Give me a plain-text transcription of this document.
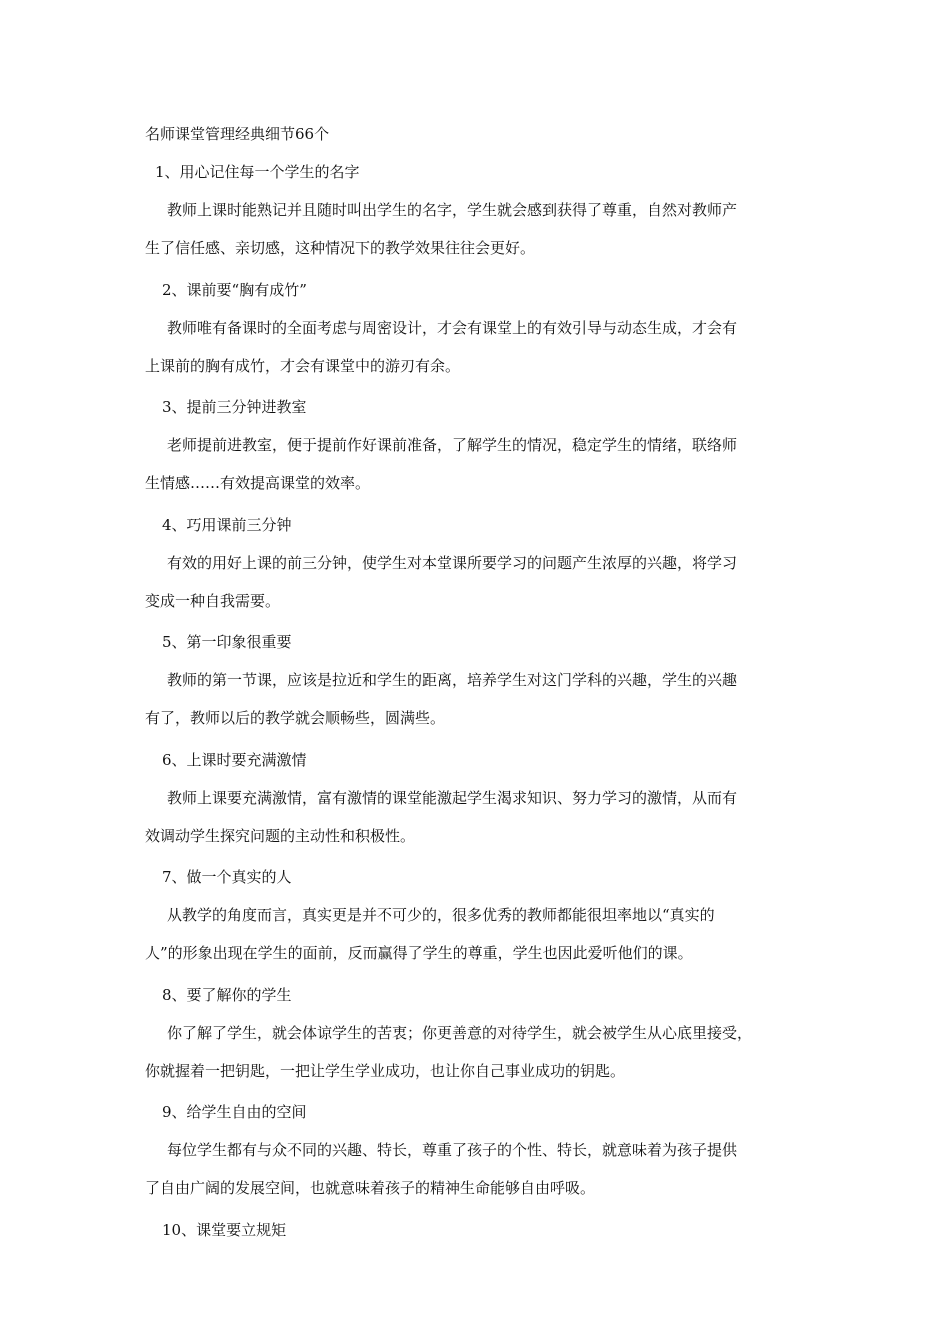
名师课堂管理经典细节66个
1、用心记住每一个学生的名字
教师上课时能熟记并且随时叫出学生的名字，学生就会感到获得了尊重，自然对教师产
生了信任感、亲切感，这种情况下的教学效果往往会更好。
2、课前要“胸有成竹”
教师唯有备课时的全面考虑与周密设计，才会有课堂上的有效引导与动态生成，才会有
上课前的胸有成竹，才会有课堂中的游刃有余。
3、提前三分钟进教室
老师提前进教室，便于提前作好课前准备，了解学生的情况，稳定学生的情绪，联络师
生情感……有效提高课堂的效率。
4、巧用课前三分钟
有效的用好上课的前三分钟，使学生对本堂课所要学习的问题产生浓厚的兴趣，将学习
变成一种自我需要。
5、第一印象很重要
教师的第一节课，应该是拉近和学生的距离，培养学生对这门学科的兴趣，学生的兴趣
有了，教师以后的教学就会顺畅些，圆满些。
6、上课时要充满激情
教师上课要充满激情，富有激情的课堂能激起学生渴求知识、努力学习的激情，从而有
效调动学生探究问题的主动性和积极性。
7、做一个真实的人
从教学的角度而言，真实更是并不可少的，很多优秀的教师都能很坦率地以“真实的
人”的形象出现在学生的面前，反而赢得了学生的尊重，学生也因此爱听他们的课。
8、要了解你的学生
你了解了学生，就会体谅学生的苦衷；你更善意的对待学生，就会被学生从心底里接受，
你就握着一把钥匙，一把让学生学业成功，也让你自己事业成功的钥匙。
9、给学生自由的空间
每位学生都有与众不同的兴趣、特长，尊重了孩子的个性、特长，就意味着为孩子提供
了自由广阔的发展空间，也就意味着孩子的精神生命能够自由呼吸。
10、课堂要立规矩
